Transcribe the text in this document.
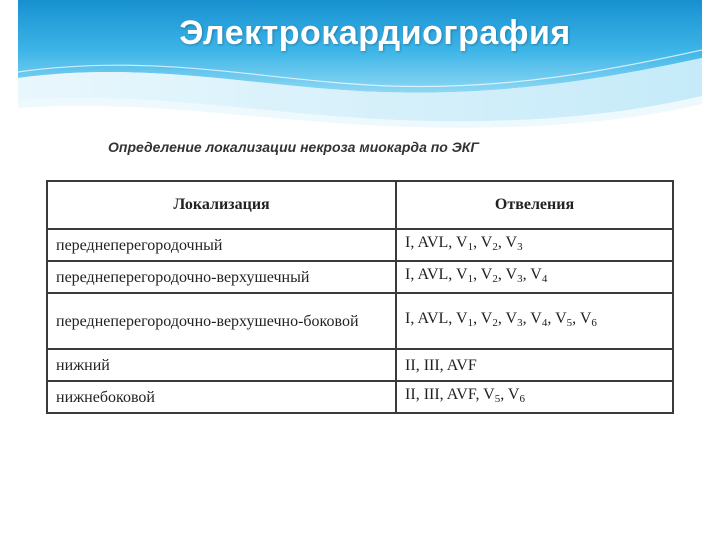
Электрокардиография
Определение локализации некроза миокарда по ЭКГ
Локализация	Отвеления
переднеперегородочный	I, AVL, $V_1$, $V_2$, $V_3$
переднеперегородочно-верхушечный	I, AVL, $V_1$, $V_2$, $V_3$, $V_4$
переднеперегородочно-верхушечно-боковой	I, AVL, $V_1$, $V_2$, $V_3$, $V_4$, $V_5$, $V_6$
нижний	II, III, AVF
нижнебоковой	II, III, AVF, $V_5$, $V_6$
